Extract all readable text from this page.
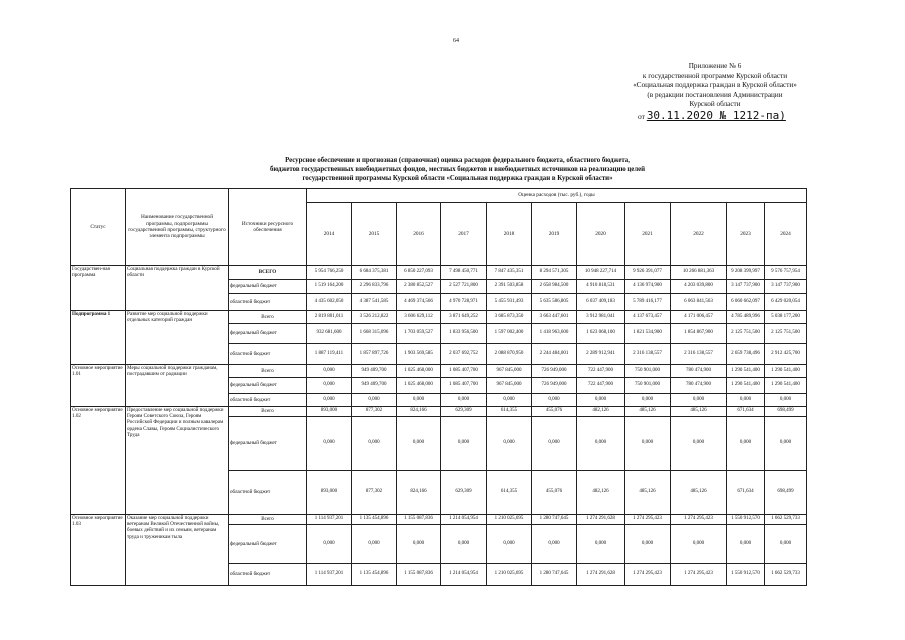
64
Приложение № 6
к государственной программе Курской области
«Социальная поддержка граждан в Курской области»
(в редакции постановления Администрации
Курской области
от 30.11.2020 № 1212-па)
Ресурсное обеспечение и прогнозная (справочная) оценка расходов федерального бюджета, областного бюджета,
бюджетов государственных внебюджетных фондов, местных бюджетов и внебюджетных источников на реализацию целей
государственной программы Курской области «Социальная поддержка граждан в Курской области»
Статус	Наименование государственной программы, подпрограммы государственной программы, структурного элемента подпрограммы	Источники ресурсного обеспечения	Оценка расходов (тыс. руб.), годы										
			2014	2015	2016	2017	2018	2019	2020	2021	2022	2023	2024
Государствен-ная программа	Социальная поддержка граждан в Курской области	ВСЕГО	5 954 766,250	6 684 375,381	6 850 227,093	7 498 450,771	7 847 435,351	8 294 571,305	10 948 227,714	9 926 391,077	10 266 881,363	9 208 399,997	9 576 757,954
		федеральный бюджет	1 519 164,200	2 296 833,796	2 380 852,527	2 527 721,800	2 391 503,858	2 658 984,500	4 910 818,531	4 136 974,900	4 203 039,800	3 147 737,900	3 147 737,900
		областной бюджет	4 435 602,050	4 387 541,585	4 469 374,566	4 970 728,971	5 455 931,493	5 635 586,805	6 037 409,183	5 789 416,177	6 063 841,563	6 060 662,097	6 429 020,054
Подпрограмма 1	Развитие мер социальной поддержки отдельных категорий граждан	Всего	2 819 801,011	3 526 212,822	3 606 629,112	3 871 649,252	3 685 873,350	3 663 447,601	3 912 981,041	4 137 673,457	4 171 006,457	4 785 489,996	5 038 177,200
		федеральный бюджет	932 681,600	1 668 315,096	1 703 059,527	1 833 956,500	1 597 002,400	1 418 963,600	1 623 068,100	1 821 534,900	1 854 867,900	2 125 751,500	2 125 751,500
		областной бюджет	1 887 119,411	1 857 897,726	1 903 569,585	2 037 692,752	2 088 870,950	2 244 484,001	2 289 912,941	2 316 138,557	2 316 138,557	2 659 738,496	2 912 425,700
Основное мероприятие 1.01	Меры социальной поддержки гражданам, пострадавшим от радиации	Всего	0,000	949 409,700	1 025 468,000	1 085 407,700	967 845,000	726 949,000	722 447,900	750 901,000	780 474,900	1 290 541,400	1 290 541,400
		федеральный бюджет	0,000	949 409,700	1 025 468,000	1 085 407,700	967 845,000	726 949,000	722 447,900	750 901,000	780 474,900	1 290 541,400	1 290 541,400
		областной бюджет	0,000	0,000	0,000	0,000	0,000	0,000	0,000	0,000	0,000	0,000	0,000
Основное мероприятие 1.02	Предоставление мер социальной поддержки Героям Советского Союза, Героям Российской Федерации и полным кавалерам ордена Славы, Героям Социалистического Труда	Всего	893,000	877,302	824,166	629,309	614,355	455,076	482,126	485,126	485,126	671,634	698,499
		федеральный бюджет	0,000	0,000	0,000	0,000	0,000	0,000	0,000	0,000	0,000	0,000	0,000
		областной бюджет	893,000	877,302	824,166	629,309	614,355	455,076	482,126	485,126	485,126	671,634	698,499
Основное мероприятие 1.03	Оказание мер социальной поддержки ветеранам Великой Отечественной войны, боевых действий и их семьям, ветеранам труда и труженикам тыла	Всего	1 114 937,201	1 135 454,896	1 155 087,836	1 214 054,954	1 210 025,695	1 280 747,645	1 274 291,628	1 274 295,423	1 274 295,423	1 550 912,570	1 662 529,733
		федеральный бюджет	0,000	0,000	0,000	0,000	0,000	0,000	0,000	0,000	0,000	0,000	0,000
		областной бюджет	1 114 937,201	1 135 454,896	1 155 087,836	1 214 054,954	1 210 025,695	1 280 747,645	1 274 291,628	1 274 295,423	1 274 295,423	1 550 912,570	1 662 529,733
